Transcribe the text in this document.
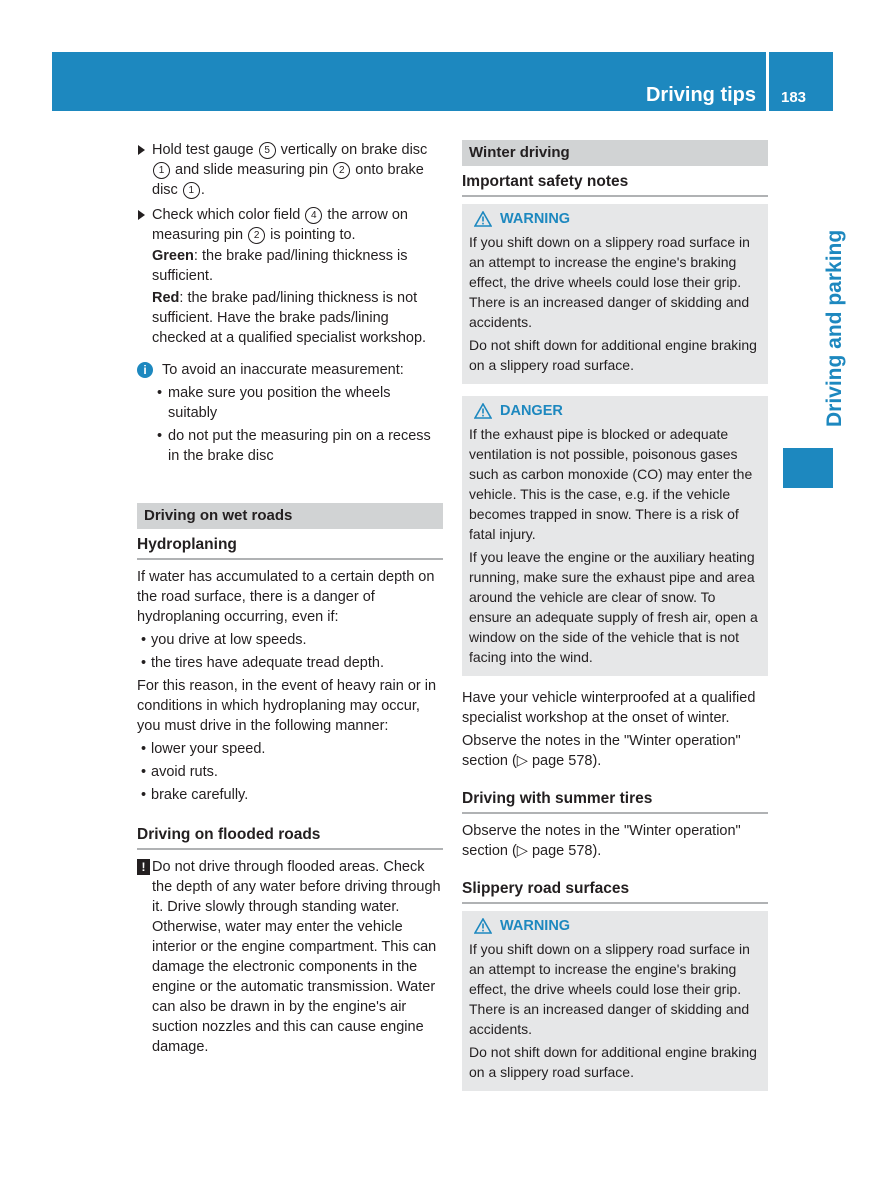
Driving tips 183
Driving and parking
Hold test gauge 5 vertically on brake disc 1 and slide measuring pin 2 onto brake disc 1 .
Check which color field 4 the arrow on measuring pin 2 is pointing to.
Green: the brake pad/lining thickness is sufficient.
Red: the brake pad/lining thickness is not sufficient. Have the brake pads/lining checked at a qualified specialist workshop.
i	To avoid an inaccurate measurement:

• make sure you position the wheels suitably
• do not put the measuring pin on a recess in the brake disc
Driving on wet roads
Hydroplaning

If water has accumulated to a certain depth on the road surface, there is a danger of hydroplaning occurring, even if:

• you drive at low speeds.
• the tires have adequate tread depth.

For this reason, in the event of heavy rain or in conditions in which hydroplaning may occur, you must drive in the following manner:

• lower your speed.
• avoid ruts.
• brake carefully.
Driving on flooded roads
! Do not drive through flooded areas. Check the depth of any water before driving through it. Drive slowly through standing water. Otherwise, water may enter the vehicle interior or the engine compartment. This can damage the electronic components in the engine or the automatic transmission. Water can also be drawn in by the engine's air suction nozzles and this can cause engine damage.
Winter driving
Important safety notes
WARNING

If you shift down on a slippery road surface in an attempt to increase the engine's braking effect, the drive wheels could lose their grip. There is an increased danger of skidding and accidents.

Do not shift down for additional engine braking on a slippery road surface.

DANGER

If the exhaust pipe is blocked or adequate ventilation is not possible, poisonous gases such as carbon monoxide (CO) may enter the vehicle. This is the case, e.g. if the vehicle becomes trapped in snow. There is a risk of fatal injury.

If you leave the engine or the auxiliary heating running, make sure the exhaust pipe and area around the vehicle are clear of snow. To ensure an adequate supply of fresh air, open a window on the side of the vehicle that is not facing into the wind.

Have your vehicle winterproofed at a qualified specialist workshop at the onset of winter.

Observe the notes in the "Winter operation" section (▷ page 578).

Driving with summer tires

Observe the notes in the "Winter operation" section (▷ page 578).

Slippery road surfaces
WARNING

If you shift down on a slippery road surface in an attempt to increase the engine's braking effect, the drive wheels could lose their grip. There is an increased danger of skidding and accidents.

Do not shift down for additional engine braking on a slippery road surface.
